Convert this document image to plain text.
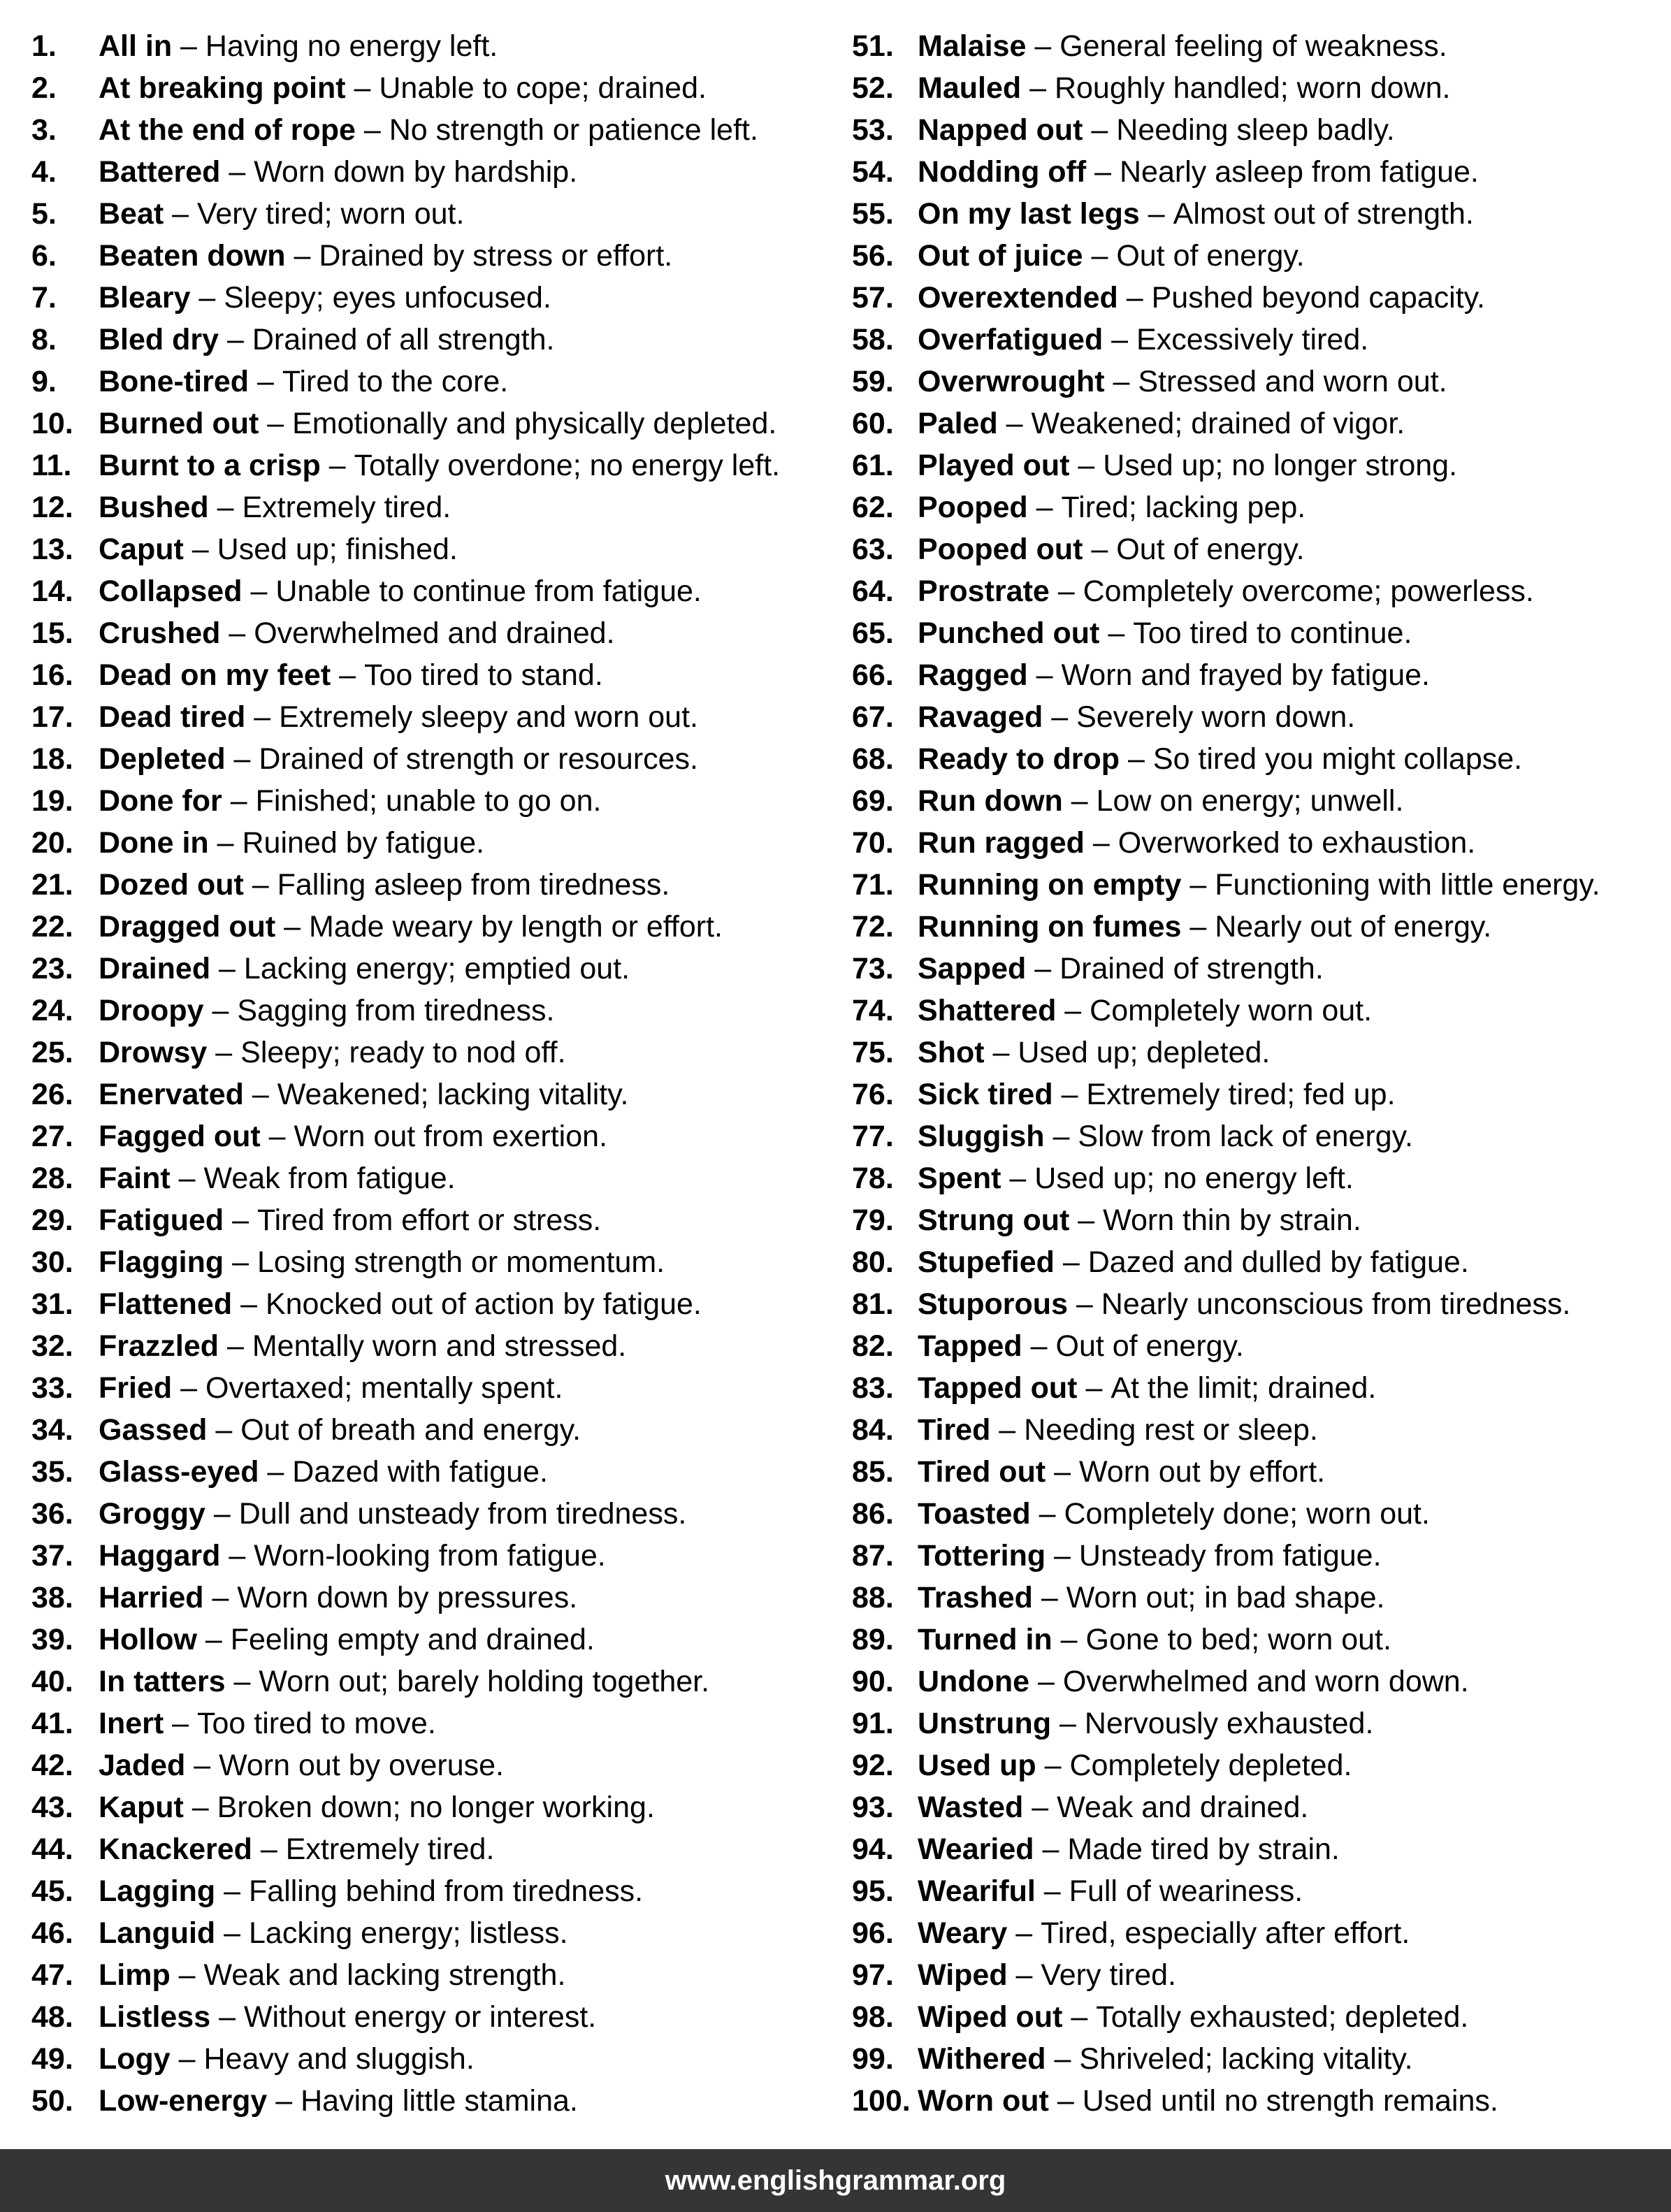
1.	All in – Having no energy left.
2.	At breaking point – Unable to cope; drained.
3.	At the end of rope – No strength or patience left.
4.	Battered – Worn down by hardship.
5.	Beat – Very tired; worn out.
6.	Beaten down – Drained by stress or effort.
7.	Bleary – Sleepy; eyes unfocused.
8.	Bled dry – Drained of all strength.
9.	Bone-tired – Tired to the core.
10. Burned out – Emotionally and physically depleted.
11. Burnt to a crisp – Totally overdone; no energy left.
12. Bushed – Extremely tired.
13. Caput – Used up; finished.
14. Collapsed – Unable to continue from fatigue.
15. Crushed – Overwhelmed and drained.
16. Dead on my feet – Too tired to stand.
17. Dead tired – Extremely sleepy and worn out.
18. Depleted – Drained of strength or resources.
19. Done for – Finished; unable to go on.
20. Done in – Ruined by fatigue.
21. Dozed out – Falling asleep from tiredness.
22. Dragged out – Made weary by length or effort.
23. Drained – Lacking energy; emptied out.
24. Droopy – Sagging from tiredness.
25. Drowsy – Sleepy; ready to nod off.
26. Enervated – Weakened; lacking vitality.
27. Fagged out – Worn out from exertion.
28. Faint – Weak from fatigue.
29. Fatigued – Tired from effort or stress.
30. Flagging – Losing strength or momentum.
31. Flattened – Knocked out of action by fatigue.
32. Frazzled – Mentally worn and stressed.
33. Fried – Overtaxed; mentally spent.
34. Gassed – Out of breath and energy.
35. Glass-eyed – Dazed with fatigue.
36. Groggy – Dull and unsteady from tiredness.
37. Haggard – Worn-looking from fatigue.
38. Harried – Worn down by pressures.
39. Hollow – Feeling empty and drained.
40. In tatters – Worn out; barely holding together.
41. Inert – Too tired to move.
42. Jaded – Worn out by overuse.
43. Kaput – Broken down; no longer working.
44. Knackered – Extremely tired.
45. Lagging – Falling behind from tiredness.
46. Languid – Lacking energy; listless.
47. Limp – Weak and lacking strength.
48. Listless – Without energy or interest.
49. Logy – Heavy and sluggish.
50. Low-energy – Having little stamina.
51. Malaise – General feeling of weakness.
52. Mauled – Roughly handled; worn down.
53. Napped out – Needing sleep badly.
54. Nodding off – Nearly asleep from fatigue.
55. On my last legs – Almost out of strength.
56. Out of juice – Out of energy.
57. Overextended – Pushed beyond capacity.
58. Overfatigued – Excessively tired.
59. Overwrought – Stressed and worn out.
60. Paled – Weakened; drained of vigor.
61. Played out – Used up; no longer strong.
62. Pooped – Tired; lacking pep.
63. Pooped out – Out of energy.
64. Prostrate – Completely overcome; powerless.
65. Punched out – Too tired to continue.
66. Ragged – Worn and frayed by fatigue.
67. Ravaged – Severely worn down.
68. Ready to drop – So tired you might collapse.
69. Run down – Low on energy; unwell.
70. Run ragged – Overworked to exhaustion.
71. Running on empty – Functioning with little energy.
72. Running on fumes – Nearly out of energy.
73. Sapped – Drained of strength.
74. Shattered – Completely worn out.
75. Shot – Used up; depleted.
76. Sick tired – Extremely tired; fed up.
77. Sluggish – Slow from lack of energy.
78. Spent – Used up; no energy left.
79. Strung out – Worn thin by strain.
80. Stupefied – Dazed and dulled by fatigue.
81. Stuporous – Nearly unconscious from tiredness.
82. Tapped – Out of energy.
83. Tapped out – At the limit; drained.
84. Tired – Needing rest or sleep.
85. Tired out – Worn out by effort.
86. Toasted – Completely done; worn out.
87. Tottering – Unsteady from fatigue.
88. Trashed – Worn out; in bad shape.
89. Turned in – Gone to bed; worn out.
90. Undone – Overwhelmed and worn down.
91. Unstrung – Nervously exhausted.
92. Used up – Completely depleted.
93. Wasted – Weak and drained.
94. Wearied – Made tired by strain.
95. Weariful – Full of weariness.
96. Weary – Tired, especially after effort.
97. Wiped – Very tired.
98. Wiped out – Totally exhausted; depleted.
99. Withered – Shriveled; lacking vitality.
100. Worn out – Used until no strength remains.
www.englishgrammar.org
